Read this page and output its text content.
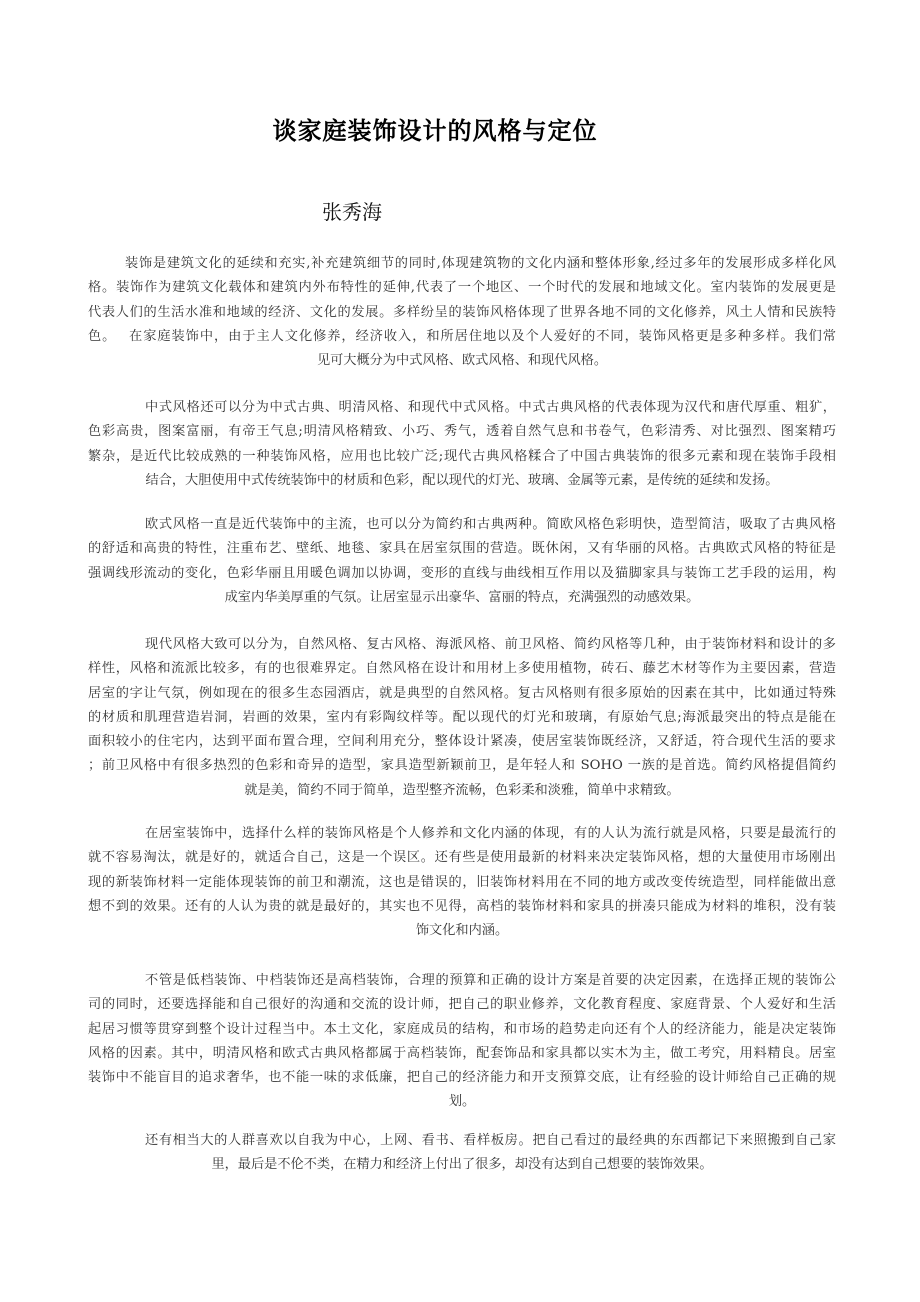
谈家庭装饰设计的风格与定位
张秀海
装饰是建筑文化的延续和充实,补充建筑细节的同时,体现建筑物的文化内涵和整体形象,经过多年的发展形成多样化风
格。装饰作为建筑文化载体和建筑内外布特性的延伸,代表了一个地区、一个时代的发展和地域文化。室内装饰的发展更是
代表人们的生活水准和地域的经济、文化的发展。多样纷呈的装饰风格体现了世界各地不同的文化修养，风土人情和民族特
色。　 在家庭装饰中，由于主人文化修养，经济收入，和所居住地以及个人爱好的不同，装饰风格更是多种多样。我们常
见可大概分为中式风格、欧式风格、和现代风格。
中式风格还可以分为中式古典、明清风格、和现代中式风格。中式古典风格的代表体现为汉代和唐代厚重、粗犷，
色彩高贵，图案富丽，有帝王气息;明清风格精致、小巧、秀气，透着自然气息和书卷气，色彩清秀、对比强烈、图案精巧
繁杂，是近代比较成熟的一种装饰风格，应用也比较广泛;现代古典风格糅合了中国古典装饰的很多元素和现在装饰手段相
结合，大胆使用中式传统装饰中的材质和色彩，配以现代的灯光、玻璃、金属等元素，是传统的延续和发扬。
欧式风格一直是近代装饰中的主流，也可以分为简约和古典两种。简欧风格色彩明快，造型简洁，吸取了古典风格
的舒适和高贵的特性，注重布艺、壁纸、地毯、家具在居室氛围的营造。既休闲，又有华丽的风格。古典欧式风格的特征是
强调线形流动的变化，色彩华丽且用暖色调加以协调，变形的直线与曲线相互作用以及猫脚家具与装饰工艺手段的运用，构
成室内华美厚重的气氛。让居室显示出豪华、富丽的特点，充满强烈的动感效果。
现代风格大致可以分为，自然风格、复古风格、海派风格、前卫风格、简约风格等几种，由于装饰材料和设计的多
样性，风格和流派比较多，有的也很难界定。自然风格在设计和用材上多使用植物，砖石、藤艺木材等作为主要因素，营造
居室的字让气氛，例如现在的很多生态园酒店，就是典型的自然风格。复古风格则有很多原始的因素在其中，比如通过特殊
的材质和肌理营造岩洞，岩画的效果，室内有彩陶纹样等。配以现代的灯光和玻璃，有原始气息;海派最突出的特点是能在
面积较小的住宅内，达到平面布置合理，空间利用充分，整体设计紧凑，使居室装饰既经济，又舒适，符合现代生活的要求
；前卫风格中有很多热烈的色彩和奇异的造型，家具造型新颖前卫，是年轻人和 SOHO 一族的是首选。简约风格提倡简约
就是美，简约不同于简单，造型整齐流畅，色彩柔和淡雅，简单中求精致。
在居室装饰中，选择什么样的装饰风格是个人修养和文化内涵的体现，有的人认为流行就是风格，只要是最流行的
就不容易淘汰，就是好的，就适合自己，这是一个误区。还有些是使用最新的材料来决定装饰风格，想的大量使用市场刚出
现的新装饰材料一定能体现装饰的前卫和潮流，这也是错误的，旧装饰材料用在不同的地方或改变传统造型，同样能做出意
想不到的效果。还有的人认为贵的就是最好的，其实也不见得，高档的装饰材料和家具的拼凑只能成为材料的堆积，没有装
饰文化和内涵。
不管是低档装饰、中档装饰还是高档装饰，合理的预算和正确的设计方案是首要的决定因素，在选择正规的装饰公
司的同时，还要选择能和自己很好的沟通和交流的设计师，把自己的职业修养，文化教育程度、家庭背景、个人爱好和生活
起居习惯等贯穿到整个设计过程当中。本土文化，家庭成员的结构，和市场的趋势走向还有个人的经济能力，能是决定装饰
风格的因素。其中，明清风格和欧式古典风格都属于高档装饰，配套饰品和家具都以实木为主，做工考究，用料精良。居室
装饰中不能盲目的追求奢华，也不能一味的求低廉，把自己的经济能力和开支预算交底，让有经验的设计师给自己正确的规
划。
还有相当大的人群喜欢以自我为中心，上网、看书、看样板房。把自己看过的最经典的东西都记下来照搬到自己家
里，最后是不伦不类，在精力和经济上付出了很多，却没有达到自己想要的装饰效果。
